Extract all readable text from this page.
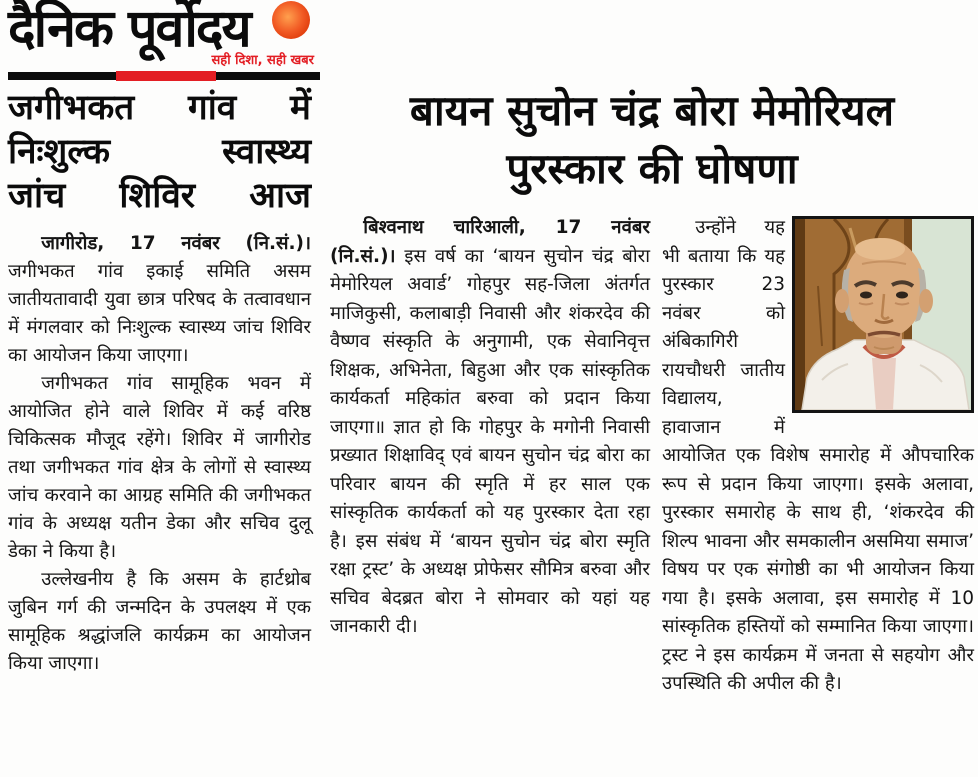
दैनिक पूर्वोदय
सही दिशा, सही खबर
जगीभकत गांव में
निःशुल्क स्वास्थ्य
जांच शिविर आज

जागीरोड, 17 नवंबर (नि.सं.)। जगीभकत गांव इकाई समिति असम जातीयतावादी युवा छात्र परिषद के तत्वावधान में मंगलवार को निःशुल्क स्वास्थ्य जांच शिविर का आयोजन किया जाएगा।

जगीभकत गांव सामूहिक भवन में आयोजित होने वाले शिविर में कई वरिष्ठ चिकित्सक मौजूद रहेंगे। शिविर में जागीरोड तथा जगीभकत गांव क्षेत्र के लोगों से स्वास्थ्य जांच करवाने का आग्रह समिति की जगीभकत गांव के अध्यक्ष यतीन डेका और सचिव दुलू डेका ने किया है।

उल्लेखनीय है कि असम के हार्टथ्रोब जुबिन गर्ग की जन्मदिन के उपलक्ष्य में एक सामूहिक श्रद्धांजलि कार्यक्रम का आयोजन किया जाएगा।

बायन सुचोन चंद्र बोरा मेमोरियल
पुरस्कार की घोषणा

बिश्वनाथ चारिआली, 17 नवंबर (नि.सं.)। इस वर्ष का ‘बायन सुचोन चंद्र बोरा मेमोरियल अवार्ड’ गोहपुर सह-जिला अंतर्गत माजिकुसी, कलाबाड़ी निवासी और शंकरदेव की वैष्णव संस्कृति के अनुगामी, एक सेवानिवृत्त शिक्षक, अभिनेता, बिहुआ और एक सांस्कृतिक कार्यकर्ता महिकांत बरुवा को प्रदान किया जाएगा॥ ज्ञात हो कि गोहपुर के मगोनी निवासी प्रख्यात शिक्षाविद् एवं बायन सुचोन चंद्र बोरा का परिवार बायन की स्मृति में हर साल एक सांस्कृतिक कार्यकर्ता को यह पुरस्कार देता रहा है। इस संबंध में ‘बायन सुचोन चंद्र बोरा स्मृति रक्षा ट्रस्ट’ के अध्यक्ष प्रोफेसर सौमित्र बरुवा और सचिव बेदब्रत बोरा ने सोमवार को यहां यह जानकारी दी।

उन्होंने यह भी बताया कि यह पुरस्कार 23 नवंबर को अंबिकागिरी रायचौधरी जातीय विद्यालय, हावाजान में आयोजित एक विशेष समारोह में औपचारिक रूप से प्रदान किया जाएगा। इसके अलावा, पुरस्कार समारोह के साथ ही, ‘शंकरदेव की शिल्प भावना और समकालीन असमिया समाज’ विषय पर एक संगोष्ठी का भी आयोजन किया गया है। इसके अलावा, इस समारोह में 10 सांस्कृतिक हस्तियों को सम्मानित किया जाएगा। ट्रस्ट ने इस कार्यक्रम में जनता से सहयोग और उपस्थिति की अपील की है।
